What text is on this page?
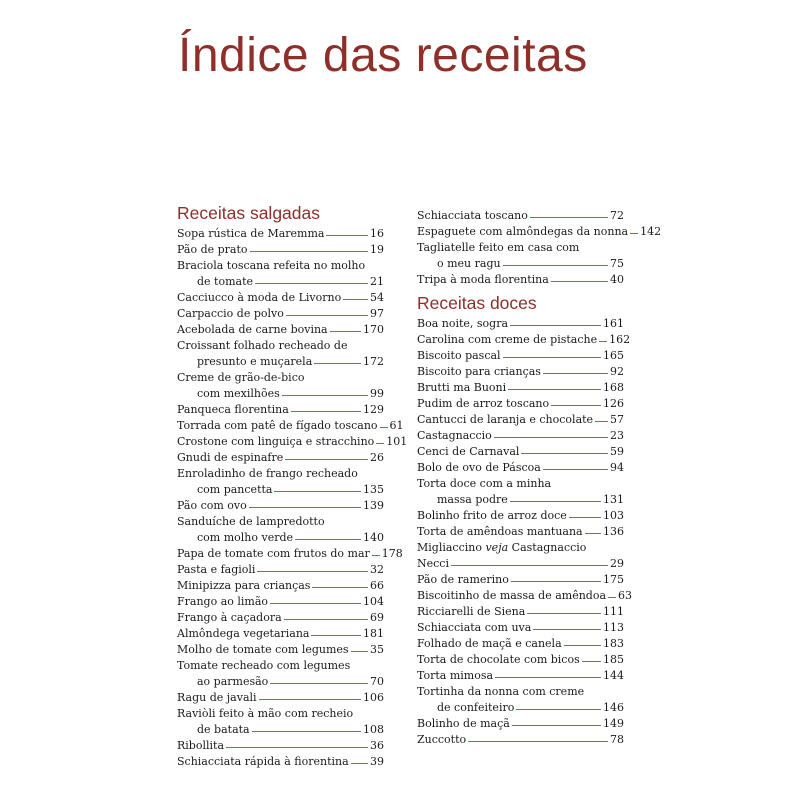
Índice das receitas
Receitas salgadas
Sopa rústica de Maremma	16
Pão de prato	19
Braciola toscana refeita no molho
de tomate	21
Cacciucco à moda de Livorno	54
Carpaccio de polvo	97
Acebolada de carne bovina	170
Croissant folhado recheado de
presunto e muçarela	172
Creme de grão-de-bico
com mexilhões	99
Panqueca florentina	129
Torrada com patê de fígado toscano 61
Crostone com linguiça e stracchino 101
Gnudi de espinafre	26
Enroladinho de frango recheado
com pancetta	135
Pão com ovo	139
Sanduíche de lampredotto
com molho verde	140
Papa de tomate com frutos do mar 178
Pasta e fagioli	32
Minipizza para crianças	66
Frango ao limão	104
Frango à caçadora	69
Almôndega vegetariana	181
Molho de tomate com legumes 35
Tomate recheado com legumes
ao parmesão	70
Ragu de javali	106
Raviòli feito à mão com recheio
de batata	108
Ribollita	36
Schiacciata rápida à fiorentina 39
Schiacciata toscano	72
Espaguete com almôndegas da nonna 142
Tagliatelle feito em casa com
o meu ragu	75
Tripa à moda florentina	40
Receitas doces
Boa noite, sogra	161
Carolina com creme de pistache 162
Biscoito pascal	165
Biscoito para crianças	92
Brutti ma Buoni	168
Pudim de arroz toscano	126
Cantucci de laranja e chocolate 57
Castagnaccio	23
Cenci de Carnaval	59
Bolo de ovo de Páscoa	94
Torta doce com a minha
massa podre	131
Bolinho frito de arroz doce	103
Torta de amêndoas mantuana 136
Migliaccino veja Castagnaccio
Necci	29
Pão de ramerino	175
Biscoitinho de massa de amêndoa 63
Ricciarelli de Siena	111
Schiacciata com uva	113
Folhado de maçã e canela	183
Torta de chocolate com bicos 185
Torta mimosa	144
Tortinha da nonna com creme
de confeiteiro	146
Bolinho de maçã	149
Zuccotto	78
